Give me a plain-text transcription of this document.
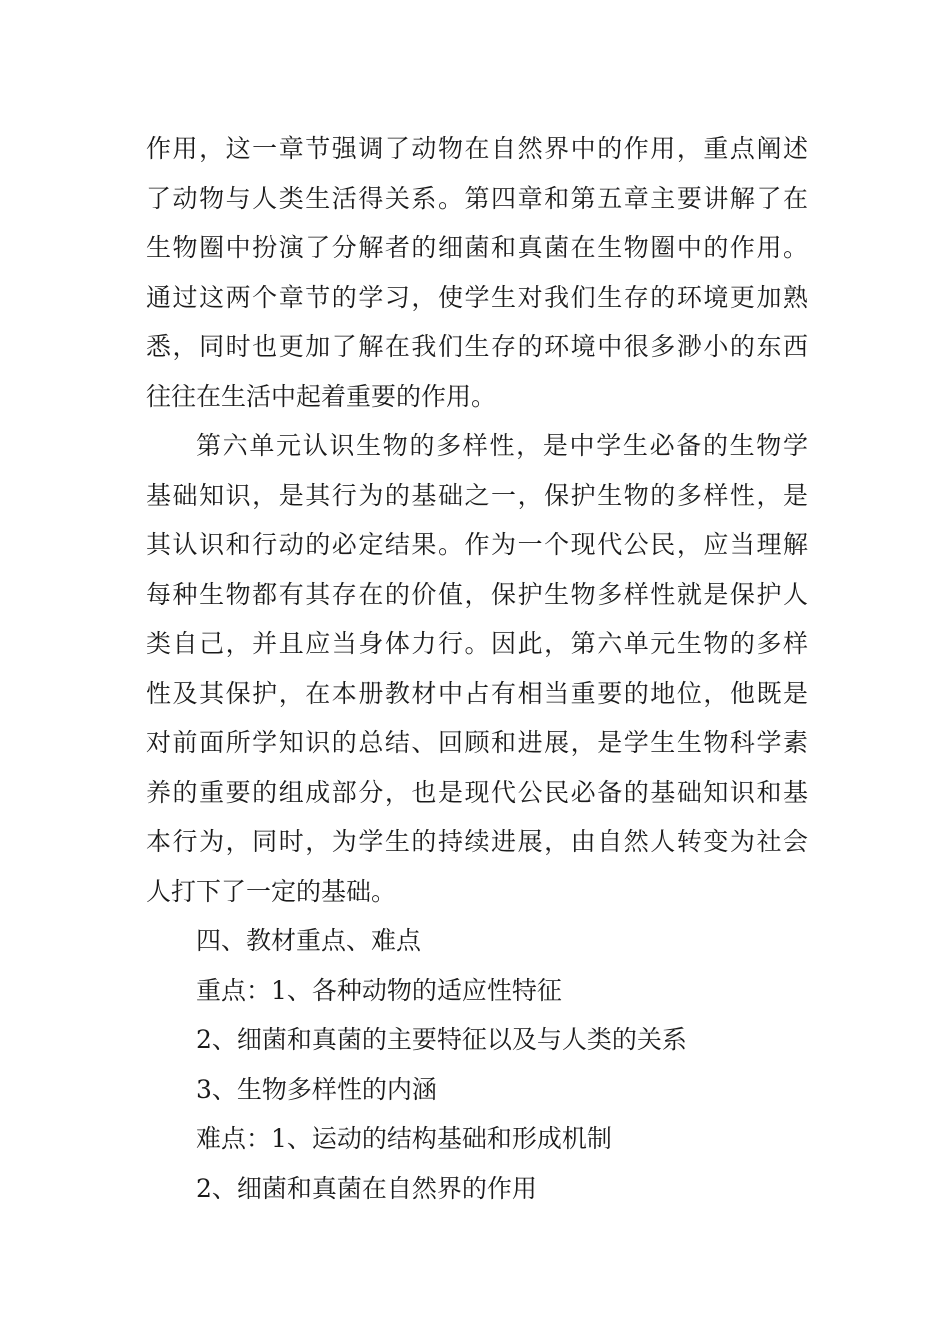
作用，这一章节强调了动物在自然界中的作用，重点阐述
了动物与人类生活得关系。第四章和第五章主要讲解了在
生物圈中扮演了分解者的细菌和真菌在生物圈中的作用。
通过这两个章节的学习，使学生对我们生存的环境更加熟
悉，同时也更加了解在我们生存的环境中很多渺小的东西
往往在生活中起着重要的作用。
第六单元认识生物的多样性，是中学生必备的生物学
基础知识，是其行为的基础之一，保护生物的多样性，是
其认识和行动的必定结果。作为一个现代公民，应当理解
每种生物都有其存在的价值，保护生物多样性就是保护人
类自己，并且应当身体力行。因此，第六单元生物的多样
性及其保护，在本册教材中占有相当重要的地位，他既是
对前面所学知识的总结、回顾和进展，是学生生物科学素
养的重要的组成部分，也是现代公民必备的基础知识和基
本行为，同时，为学生的持续进展，由自然人转变为社会
人打下了一定的基础。
四、教材重点、难点
重点：1、各种动物的适应性特征
2、细菌和真菌的主要特征以及与人类的关系
3、生物多样性的内涵
难点：1、运动的结构基础和形成机制
2、细菌和真菌在自然界的作用
